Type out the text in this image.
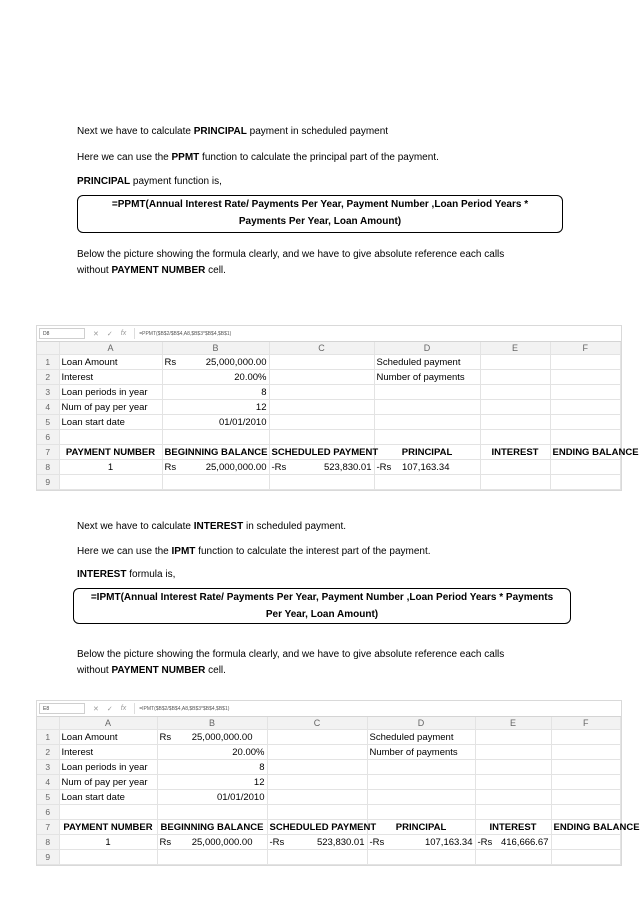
Next we have to calculate PRINCIPAL payment in scheduled payment
Here we can use the PPMT function to calculate the principal part of the payment.
PRINCIPAL payment function is,
=PPMT(Annual Interest Rate/ Payments Per Year, Payment Number ,Loan Period Years *
Payments Per Year, Loan Amount)
Below the picture showing the formula clearly, and we have to give absolute reference each calls
without PAYMENT NUMBER cell.
D8	✕ ✓ fx	=PPMT($B$2/$B$4,A8,$B$3*$B$4,$B$1)
	A	B	C	D	E	F
1	Loan Amount	Rs 25,000,000.00		Scheduled payment		
2	Interest	20.00%		Number of payments		
3	Loan periods in year	8				
4	Num of pay per year	12				
5	Loan start date	01/01/2010				
6						
7	PAYMENT NUMBER	BEGINNING BALANCE	SCHEDULED PAYMENT	PRINCIPAL	INTEREST	ENDING BALANCE
8	1	Rs 25,000,000.00	-Rs 523,830.01	-Rs 107,163.34		

9						
Next we have to calculate INTEREST in scheduled payment.
Here we can use the IPMT function to calculate the interest part of the payment.
INTEREST formula is,
=IPMT(Annual Interest Rate/ Payments Per Year, Payment Number ,Loan Period Years * Payments
Per Year, Loan Amount)
Below the picture showing the formula clearly, and we have to give absolute reference each calls
without PAYMENT NUMBER cell.
E8	✕ ✓ fx	=IPMT($B$2/$B$4,A8,$B$3*$B$4,$B$1)
	A	B	C	D	E	F
1	Loan Amount	Rs 25,000,000.00		Scheduled payment		
2	Interest	20.00%		Number of payments		
3	Loan periods in year	8				
4	Num of pay per year	12				
5	Loan start date	01/01/2010				
6						
7	PAYMENT NUMBER	BEGINNING BALANCE	SCHEDULED PAYMENT	PRINCIPAL	INTEREST	ENDING BALANCE
8	1	Rs 25,000,000.00	-Rs 523,830.01	-Rs 107,163.34	-Rs 416,666.67	

9						
